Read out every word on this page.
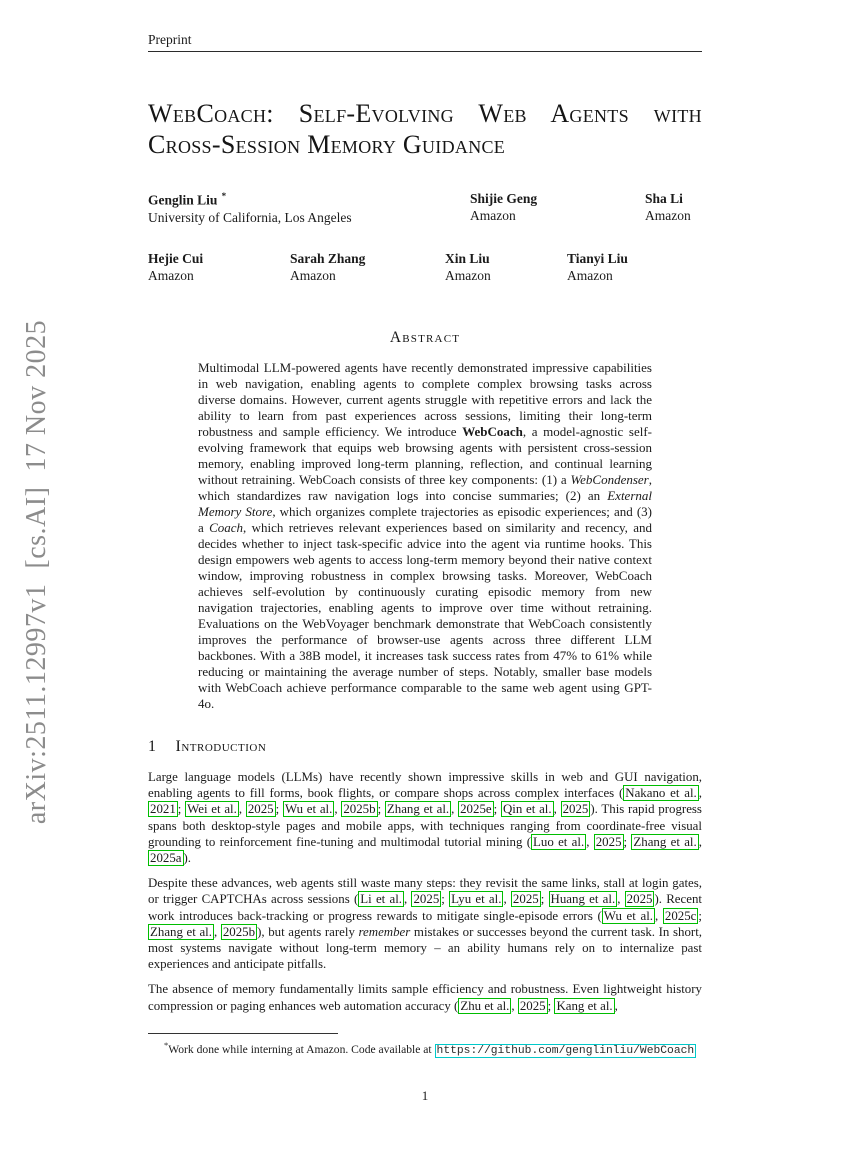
arXiv:2511.12997v1  [cs.AI]  17 Nov 2025
Preprint
WebCoach: Self-Evolving Web Agents with
Cross-Session Memory Guidance
Genglin Liu *
University of California, Los Angeles
Shijie Geng
Amazon
Sha Li
Amazon
Hejie Cui
Amazon
Sarah Zhang
Amazon
Xin Liu
Amazon
Tianyi Liu
Amazon
Abstract

Multimodal LLM-powered agents have recently demonstrated impressive capabilities in web navigation, enabling agents to complete complex browsing tasks across diverse domains. However, current agents struggle with repetitive errors and lack the ability to learn from past experiences across sessions, limiting their long-term robustness and sample efficiency. We introduce WebCoach, a model-agnostic self-evolving framework that equips web browsing agents with persistent cross-session memory, enabling improved long-term planning, reflection, and continual learning without retraining. WebCoach consists of three key components: (1) a WebCondenser, which standardizes raw navigation logs into concise summaries; (2) an External Memory Store, which organizes complete trajectories as episodic experiences; and (3) a Coach, which retrieves relevant experiences based on similarity and recency, and decides whether to inject task-specific advice into the agent via runtime hooks. This design empowers web agents to access long-term memory beyond their native context window, improving robustness in complex browsing tasks. Moreover, WebCoach achieves self-evolution by continuously curating episodic memory from new navigation trajectories, enabling agents to improve over time without retraining. Evaluations on the WebVoyager benchmark demonstrate that WebCoach consistently improves the performance of browser-use agents across three different LLM backbones. With a 38B model, it increases task success rates from 47% to 61% while reducing or maintaining the average number of steps. Notably, smaller base models with WebCoach achieve performance comparable to the same web agent using GPT-4o.

1 Introduction

Large language models (LLMs) have recently shown impressive skills in web and GUI navigation, enabling agents to fill forms, book flights, or compare shops across complex interfaces ( Nakano et al. , 2021 ; Wei et al. , 2025 ; Wu et al. , 2025b ; Zhang et al. , 2025e ; Qin et al. , 2025 ). This rapid progress spans both desktop-style pages and mobile apps, with techniques ranging from coordinate-free visual grounding to reinforcement fine-tuning and multimodal tutorial mining ( Luo et al. , 2025 ; Zhang et al. , 2025a ).

Despite these advances, web agents still waste many steps: they revisit the same links, stall at login gates, or trigger CAPTCHAs across sessions ( Li et al. , 2025 ; Lyu et al. , 2025 ; Huang et al. , 2025 ). Recent work introduces back-tracking or progress rewards to mitigate single-episode errors ( Wu et al. , 2025c ; Zhang et al. , 2025b ), but agents rarely remember mistakes or successes beyond the current task. In short, most systems navigate without long-term memory – an ability humans rely on to internalize past experiences and anticipate pitfalls.

The absence of memory fundamentally limits sample efficiency and robustness. Even lightweight history compression or paging enhances web automation accuracy ( Zhu et al. , 2025 ; Kang et al. ,

*Work done while interning at Amazon. Code available at https://github.com/genglinliu/WebCoach

1
